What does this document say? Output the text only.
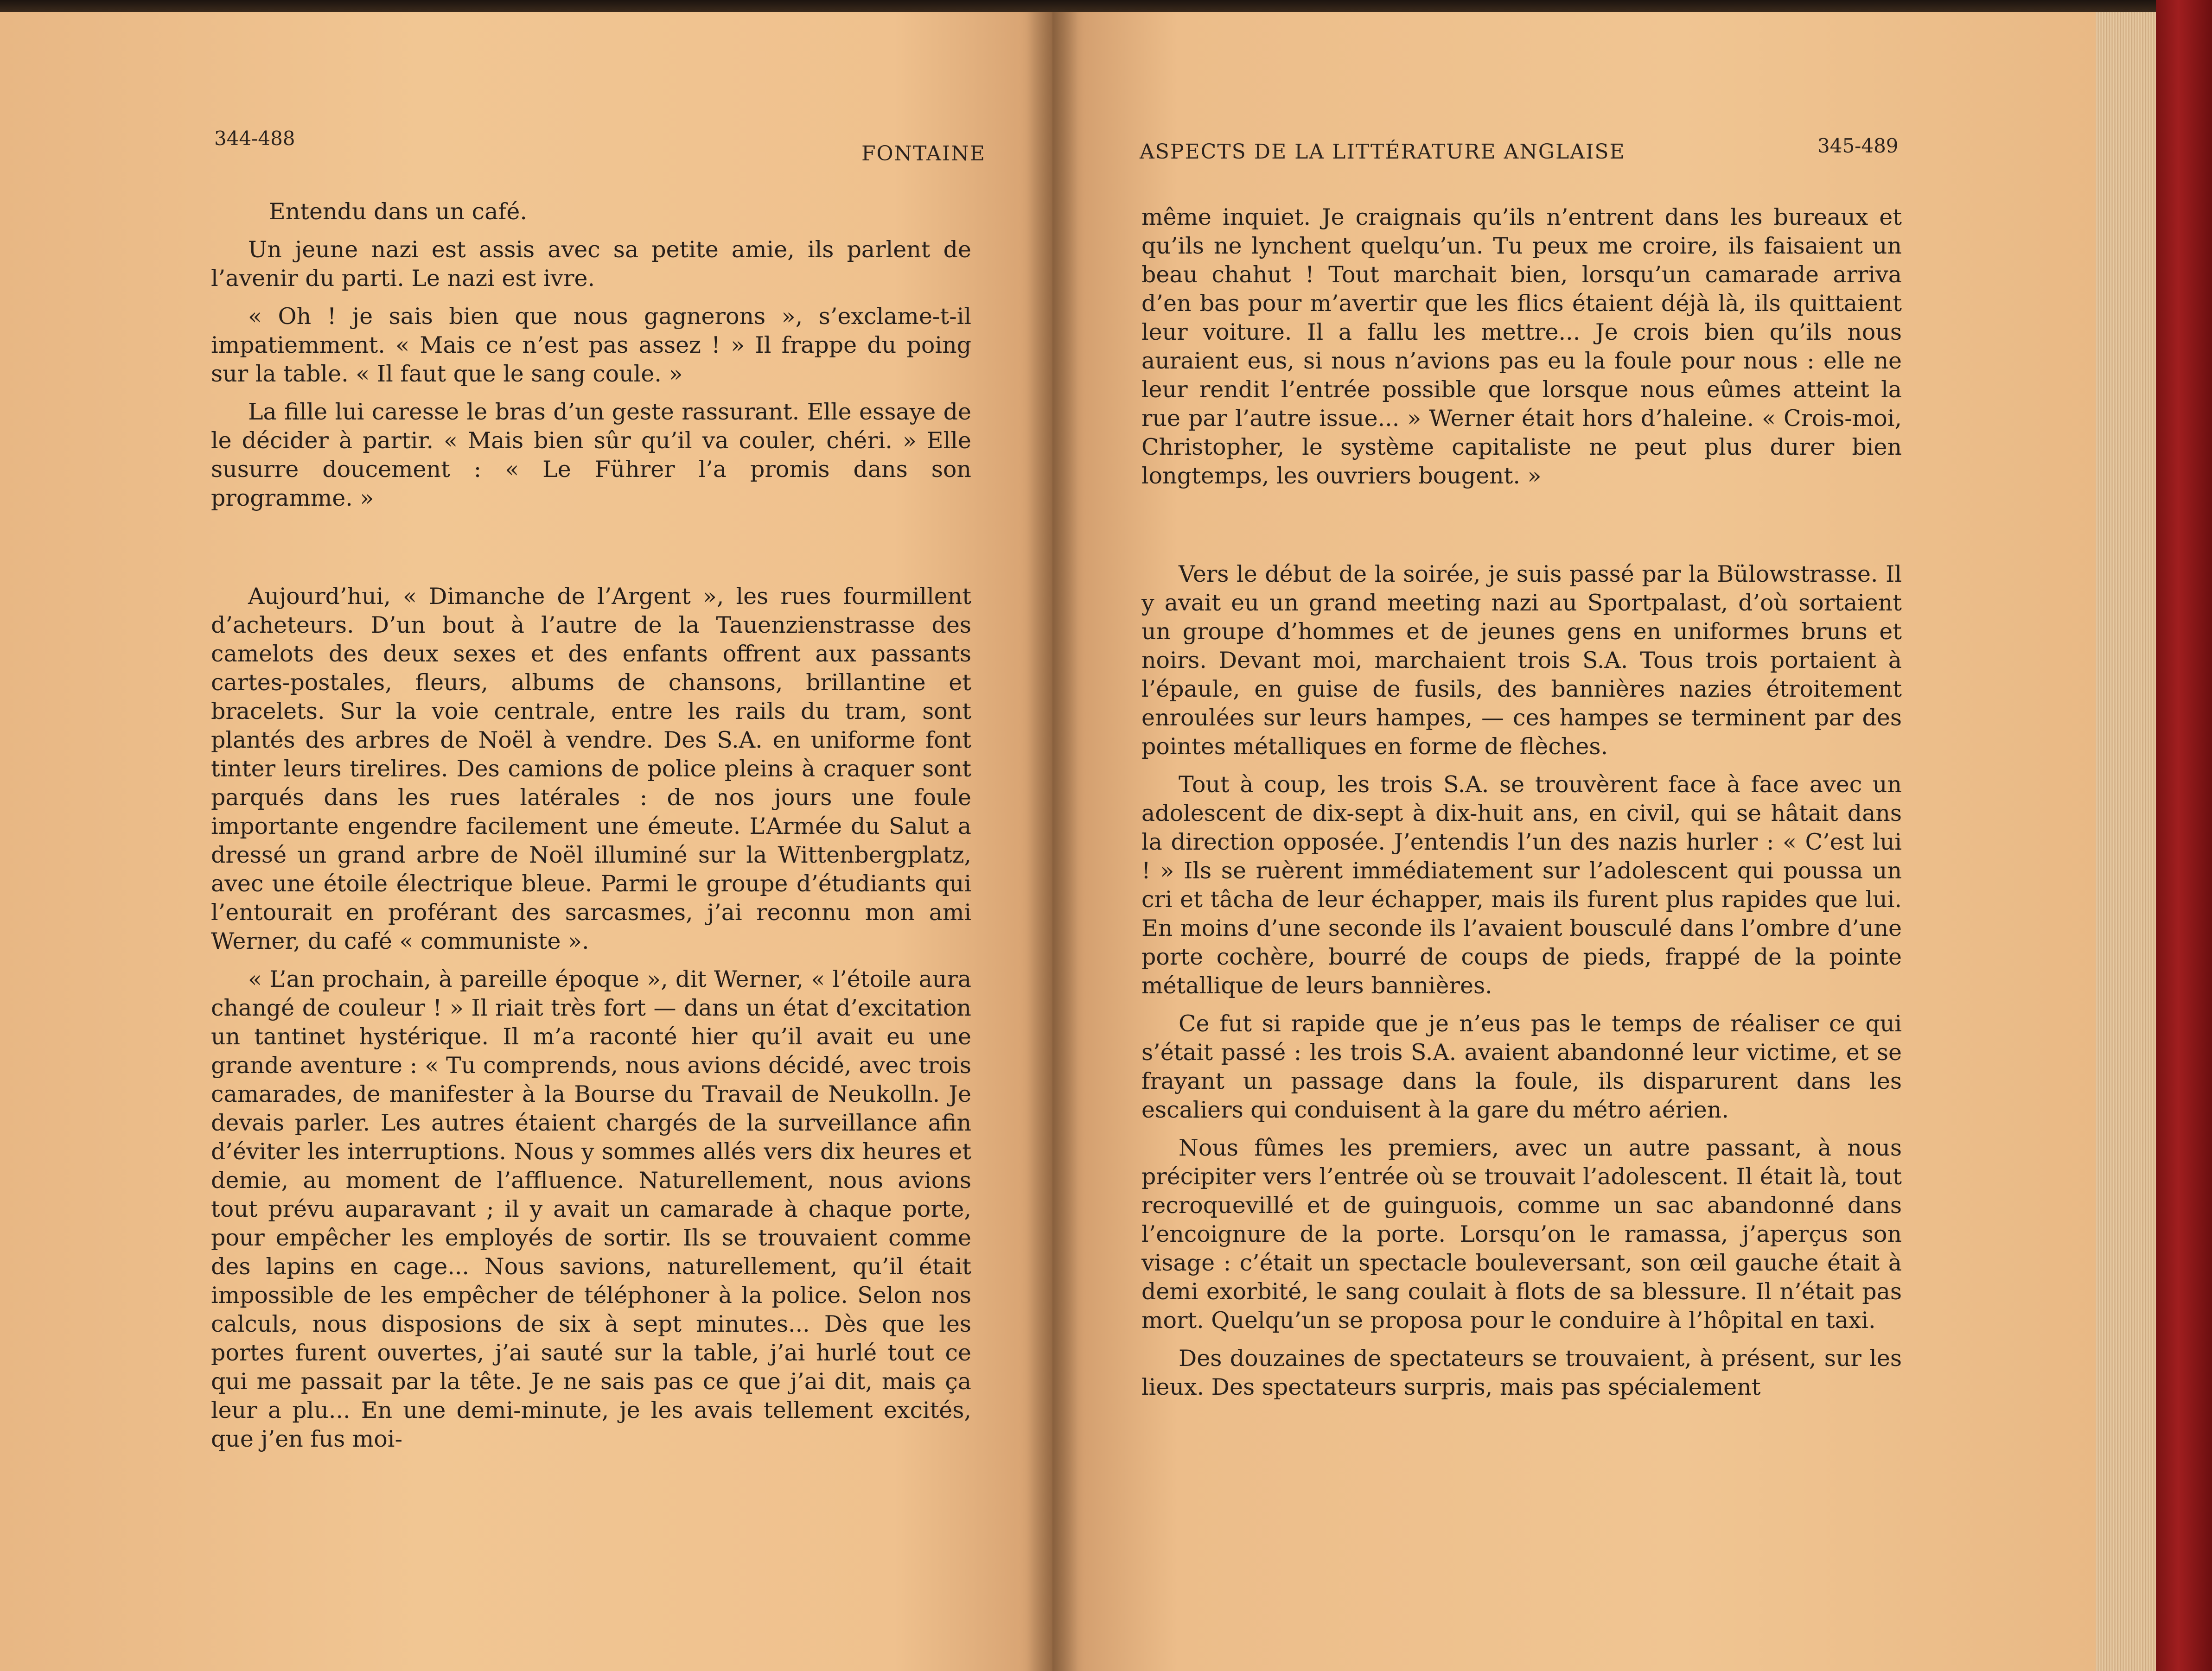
344-488
FONTAINE

Entendu dans un café.

Un jeune nazi est assis avec sa petite amie, ils parlent de l’avenir du parti. Le nazi est ivre.

« Oh ! je sais bien que nous gagnerons », s’exclame-t-il impatiemment. « Mais ce n’est pas assez ! » Il frappe du poing sur la table. « Il faut que le sang coule. »

La fille lui caresse le bras d’un geste rassurant. Elle essaye de le décider à partir. « Mais bien sûr qu’il va couler, chéri. » Elle susurre doucement : « Le Führer l’a promis dans son programme. »

Aujourd’hui, « Dimanche de l’Argent », les rues fourmillent d’acheteurs. D’un bout à l’autre de la Tauenzienstrasse des camelots des deux sexes et des enfants offrent aux passants cartes-postales, fleurs, albums de chansons, brillantine et bracelets. Sur la voie centrale, entre les rails du tram, sont plantés des arbres de Noël à vendre. Des S.A. en uniforme font tinter leurs tirelires. Des camions de police pleins à craquer sont parqués dans les rues latérales : de nos jours une foule importante engendre facilement une émeute. L’Armée du Salut a dressé un grand arbre de Noël illuminé sur la Wittenbergplatz, avec une étoile électrique bleue. Parmi le groupe d’étudiants qui l’entourait en proférant des sarcasmes, j’ai reconnu mon ami Werner, du café « communiste ».

« L’an prochain, à pareille époque », dit Werner, « l’étoile aura changé de couleur ! » Il riait très fort — dans un état d’excitation un tantinet hystérique. Il m’a raconté hier qu’il avait eu une grande aventure : « Tu comprends, nous avions décidé, avec trois camarades, de manifester à la Bourse du Travail de Neukolln. Je devais parler. Les autres étaient chargés de la surveillance afin d’éviter les interruptions. Nous y sommes allés vers dix heures et demie, au moment de l’affluence. Naturellement, nous avions tout prévu auparavant ; il y avait un camarade à chaque porte, pour empêcher les employés de sortir. Ils se trouvaient comme des lapins en cage... Nous savions, naturellement, qu’il était impossible de les empêcher de téléphoner à la police. Selon nos calculs, nous disposions de six à sept minutes... Dès que les portes furent ouvertes, j’ai sauté sur la table, j’ai hurlé tout ce qui me passait par la tête. Je ne sais pas ce que j’ai dit, mais ça leur a plu... En une demi-minute, je les avais tellement excités, que j’en fus moi-

ASPECTS DE LA LITTÉRATURE ANGLAISE	345-489

même inquiet. Je craignais qu’ils n’entrent dans les bureaux et qu’ils ne lynchent quelqu’un. Tu peux me croire, ils faisaient un beau chahut ! Tout marchait bien, lorsqu’un camarade arriva d’en bas pour m’avertir que les flics étaient déjà là, ils quittaient leur voiture. Il a fallu les mettre... Je crois bien qu’ils nous auraient eus, si nous n’avions pas eu la foule pour nous : elle ne leur rendit l’entrée possible que lorsque nous eûmes atteint la rue par l’autre issue... » Werner était hors d’haleine. « Crois-moi, Christopher, le système capitaliste ne peut plus durer bien longtemps, les ouvriers bougent. »

Vers le début de la soirée, je suis passé par la Bülowstrasse. Il y avait eu un grand meeting nazi au Sportpalast, d’où sortaient un groupe d’hommes et de jeunes gens en uniformes bruns et noirs. Devant moi, marchaient trois S.A. Tous trois portaient à l’épaule, en guise de fusils, des bannières nazies étroitement enroulées sur leurs hampes, — ces hampes se terminent par des pointes métalliques en forme de flèches.

Tout à coup, les trois S.A. se trouvèrent face à face avec un adolescent de dix-sept à dix-huit ans, en civil, qui se hâtait dans la direction opposée. J’entendis l’un des nazis hurler : « C’est lui ! » Ils se ruèrent immédiatement sur l’adolescent qui poussa un cri et tâcha de leur échapper, mais ils furent plus rapides que lui. En moins d’une seconde ils l’avaient bousculé dans l’ombre d’une porte cochère, bourré de coups de pieds, frappé de la pointe métallique de leurs bannières.

Ce fut si rapide que je n’eus pas le temps de réaliser ce qui s’était passé : les trois S.A. avaient abandonné leur victime, et se frayant un passage dans la foule, ils disparurent dans les escaliers qui conduisent à la gare du métro aérien.

Nous fûmes les premiers, avec un autre passant, à nous précipiter vers l’entrée où se trouvait l’adolescent. Il était là, tout recroquevillé et de guinguois, comme un sac abandonné dans l’encoignure de la porte. Lorsqu’on le ramassa, j’aperçus son visage : c’était un spectacle bouleversant, son œil gauche était à demi exorbité, le sang coulait à flots de sa blessure. Il n’était pas mort. Quelqu’un se proposa pour le conduire à l’hôpital en taxi.

Des douzaines de spectateurs se trouvaient, à présent, sur les lieux. Des spectateurs surpris, mais pas spécialement
